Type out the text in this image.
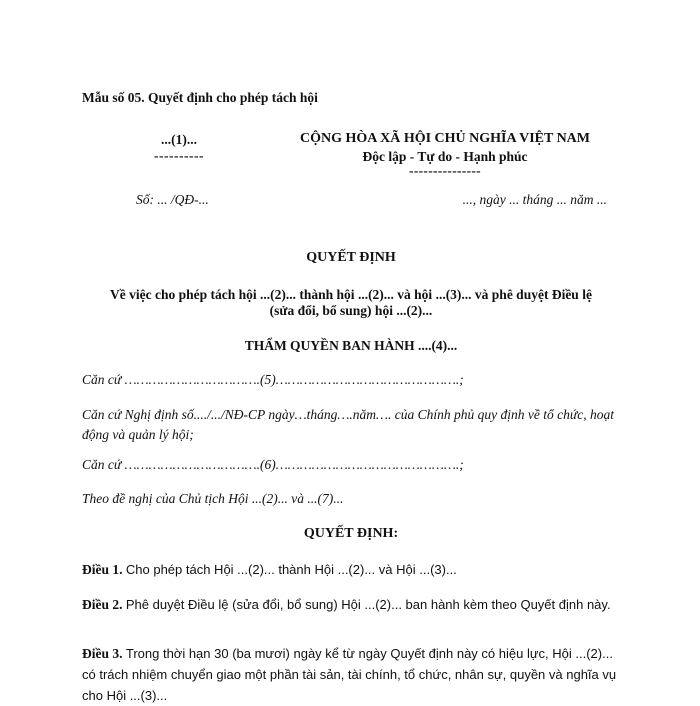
Mẫu số 05. Quyết định cho phép tách hội
...(1)...
----------
CỘNG HÒA XÃ HỘI CHỦ NGHĨA VIỆT NAM
Độc lập - Tự do - Hạnh phúc
---------------
Số: ... /QĐ-...	..., ngày ... tháng ... năm ...
QUYẾT ĐỊNH
Về việc cho phép tách hội ...(2)... thành hội ...(2)... và hội ...(3)... và phê duyệt Điều lệ
(sửa đổi, bổ sung) hội ...(2)...
THẨM QUYỀN BAN HÀNH ....(4)...
Căn cứ …………………………….(5)……………………………………….;
Căn cứ Nghị định số..../.../NĐ-CP ngày…tháng….năm…. của Chính phủ quy định về tổ chức, hoạt động và quản lý hội;
Căn cứ …………………………….(6)……………………………………….;
Theo đề nghị của Chủ tịch Hội ...(2)... và ...(7)...
QUYẾT ĐỊNH:
Điều 1. Cho phép tách Hội ...(2)... thành Hội ...(2)... và Hội ...(3)...
Điều 2. Phê duyệt Điều lệ (sửa đổi, bổ sung) Hội ...(2)... ban hành kèm theo Quyết định này.
Điều 3. Trong thời hạn 30 (ba mươi) ngày kể từ ngày Quyết định này có hiệu lực, Hội ...(2)... có trách nhiệm chuyển giao một phần tài sản, tài chính, tổ chức, nhân sự, quyền và nghĩa vụ cho Hội ...(3)...
